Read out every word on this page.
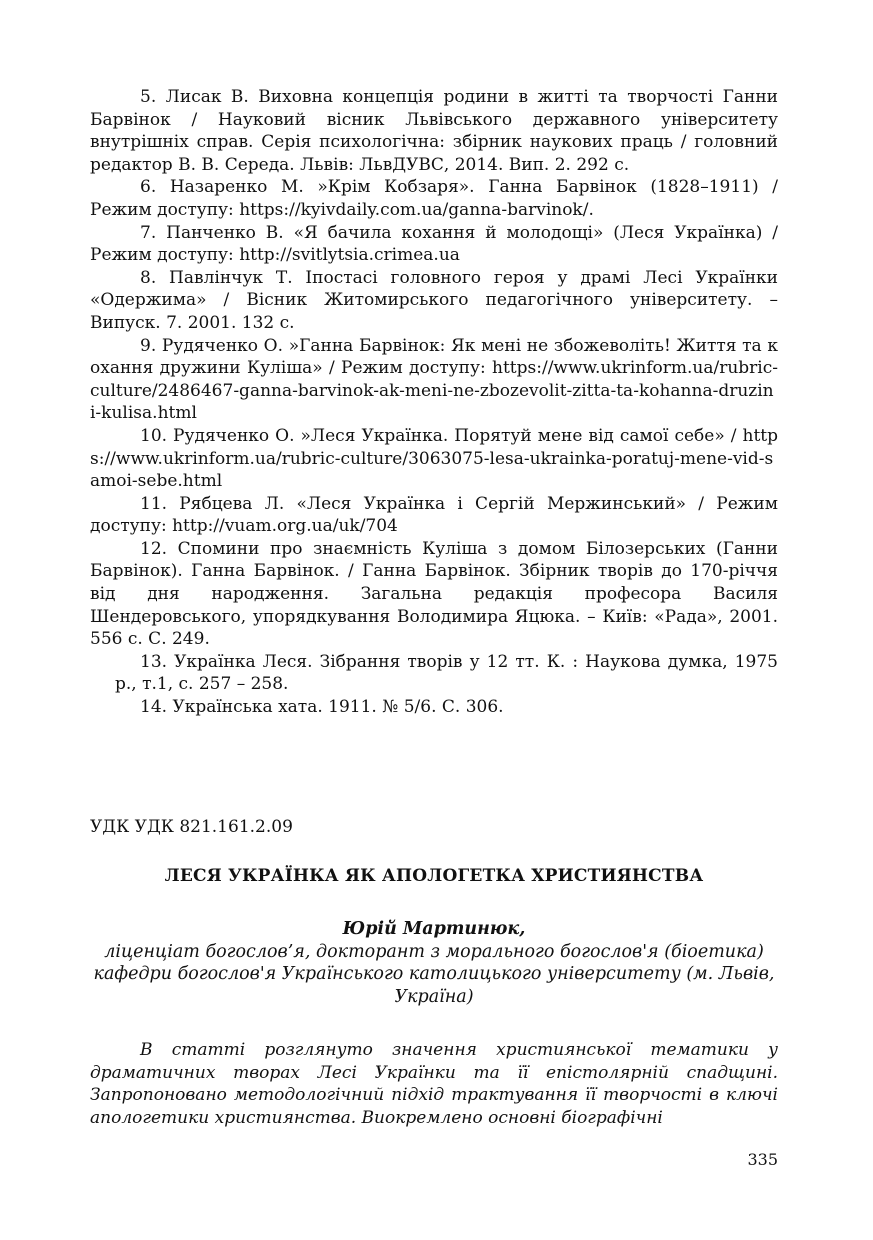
5. Лисак В. Виховна концепція родини в житті та творчості Ганни Барвінок / Науковий вісник Львівського державного університету внутрішніх справ. Серія психологічна: збірник наукових праць / головний редактор В. В. Середа. Львів: ЛьвДУВС, 2014. Вип. 2. 292 с.

6. Назаренко М. »Крім Кобзаря». Ганна Барвінок (1828–1911) / Режим доступу: https://kyivdaily.com.ua/ganna-barvinok/.

7. Панченко В. «Я бачила кохання й молодощі» (Леся Українка) / Режим доступу: http://svitlytsia.crimea.ua

8. Павлінчук Т. Іпостасі головного героя у драмі Лесі Українки «Одержима» / Вісник Житомирського педагогічного університету. – Випуск. 7. 2001. 132 с.

9. Рудяченко О. »Ганна Барвінок: Як мені не збожеволіть! Життя та кохання дружини Куліша» / Режим доступу: https://www.ukrinform.ua/rubric-culture/2486467-ganna-barvinok-ak-meni-ne-zbozevolit-zitta-ta-kohanna-druzini-kulisa.html

10. Рудяченко О. »Леся Українка. Порятуй мене від самої себе» / https://www.ukrinform.ua/rubric-culture/3063075-lesa-ukrainka-poratuj-mene-vid-samoi-sebe.html

11. Рябцева Л. «Леся Українка і Сергій Мержинський» / Режим доступу: http://vuam.org.ua/uk/704

12. Спомини про знаємність Куліша з домом Білозерських (Ганни Барвінок). Ганна Барвінок. / Ганна Барвінок. Збірник творів до 170-річчя від дня народження. Загальна редакція професора Василя Шендеровського, упорядкування Володимира Яцюка. – Київ: «Рада», 2001. 556 с. С. 249.

13. Українка Леся. Зібрання творів у 12 тт. К. : Наукова думка, 1975 р., т.1, с. 257 – 258.

14. Українська хата. 1911. № 5/6. С. 306.

УДК УДК 821.161.2.09
ЛЕСЯ УКРАЇНКА ЯК АПОЛОГЕТКА ХРИСТИЯНСТВА
Юрій Мартинюк,
ліценціат богослов’я, докторант з морального богослов'я (біоетика) кафедри богослов'я Українського католицького університету (м. Львів, Україна)

В статті розглянуто значення християнської тематики у драматичних творах Лесі Українки та її епістолярній спадщині. Запропоновано методологічний підхід трактування її творчості в ключі апологетики християнства. Виокремлено основні біографічні

335
